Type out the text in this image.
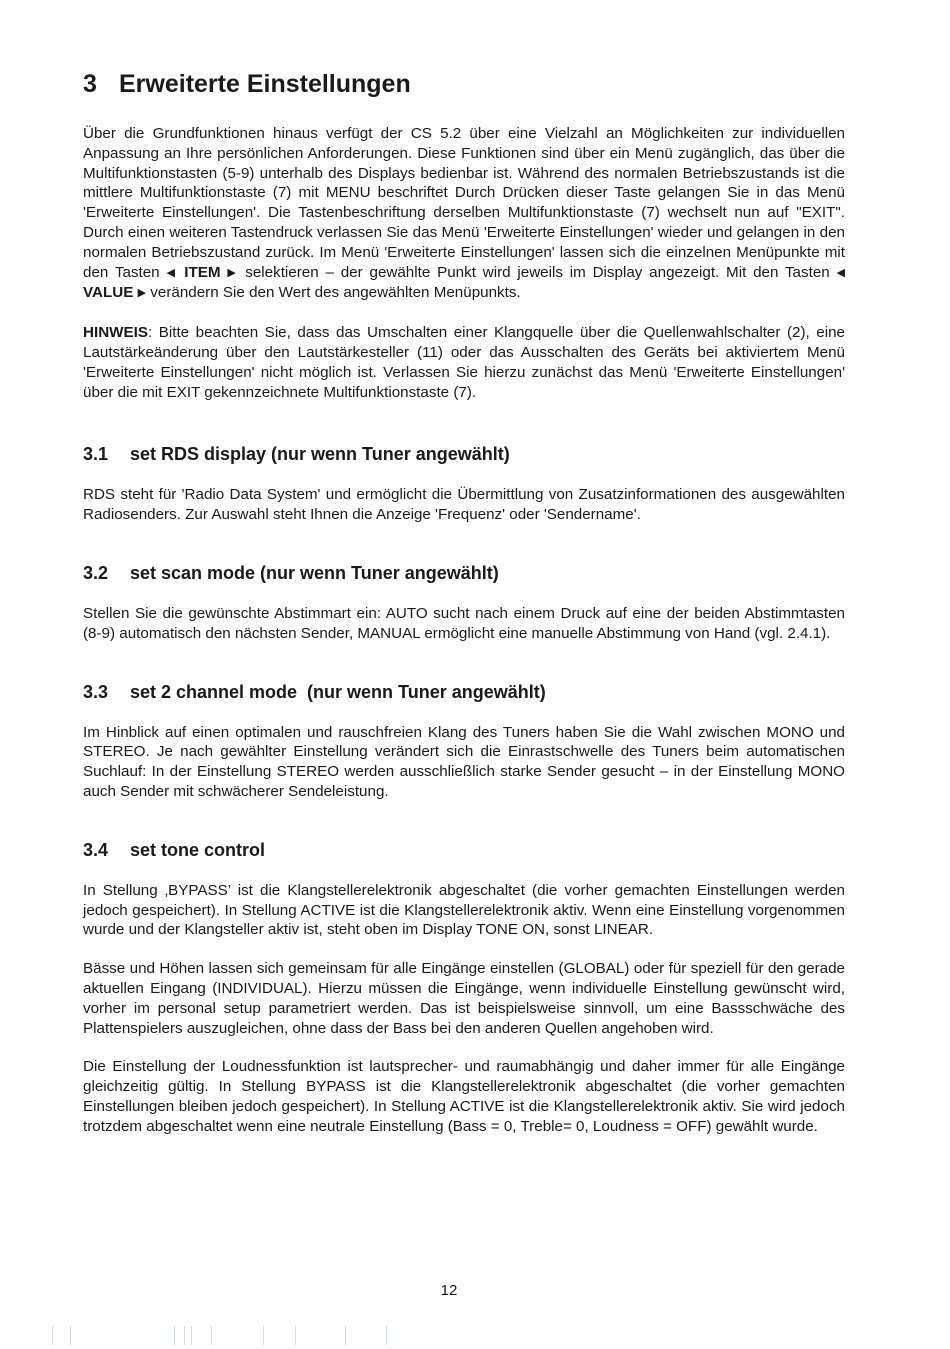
3 Erweiterte Einstellungen

Über die Grundfunktionen hinaus verfügt der CS 5.2 über eine Vielzahl an Möglichkeiten zur individuellen Anpassung an Ihre persönlichen Anforderungen. Diese Funktionen sind über ein Menü zugänglich, das über die Multifunktionstasten (5-9) unterhalb des Displays bedienbar ist. Während des normalen Betriebszustands ist die mittlere Multifunktionstaste (7) mit MENU beschriftet Durch Drücken dieser Taste gelangen Sie in das Menü 'Erweiterte Einstellungen'. Die Tastenbeschriftung derselben Multifunktionstaste (7) wechselt nun auf "EXIT". Durch einen weiteren Tastendruck verlassen Sie das Menü 'Erweiterte Einstellungen' wieder und gelangen in den normalen Betriebszustand zurück. Im Menü 'Erweiterte Einstellungen' lassen sich die einzelnen Menüpunkte mit den Tasten ◀ ITEM ▶ selektieren – der gewählte Punkt wird jeweils im Display angezeigt. Mit den Tasten ◀ VALUE ▶ verändern Sie den Wert des angewählten Menüpunkts.

HINWEIS: Bitte beachten Sie, dass das Umschalten einer Klangquelle über die Quellenwahlschalter (2), eine Lautstärkeänderung über den Lautstärkesteller (11) oder das Ausschalten des Geräts bei aktiviertem Menü 'Erweiterte Einstellungen' nicht möglich ist. Verlassen Sie hierzu zunächst das Menü 'Erweiterte Einstellungen' über die mit EXIT gekennzeichnete Multifunktionstaste (7).

3.1 set RDS display (nur wenn Tuner angewählt)

RDS steht für 'Radio Data System' und ermöglicht die Übermittlung von Zusatzinformationen des ausgewählten Radiosenders. Zur Auswahl steht Ihnen die Anzeige 'Frequenz' oder 'Sendername'.

3.2 set scan mode (nur wenn Tuner angewählt)

Stellen Sie die gewünschte Abstimmart ein: AUTO sucht nach einem Druck auf eine der beiden Abstimmtasten (8-9) automatisch den nächsten Sender, MANUAL ermöglicht eine manuelle Abstimmung von Hand (vgl. 2.4.1).

3.3 set 2 channel mode  (nur wenn Tuner angewählt)

Im Hinblick auf einen optimalen und rauschfreien Klang des Tuners haben Sie die Wahl zwischen MONO und STEREO. Je nach gewählter Einstellung verändert sich die Einrastschwelle des Tuners beim automatischen Suchlauf: In der Einstellung STEREO werden ausschließlich starke Sender gesucht – in der Einstellung MONO auch Sender mit schwächerer Sendeleistung.

3.4 set tone control

In Stellung ‚BYPASS’ ist die Klangstellerelektronik abgeschaltet (die vorher gemachten Einstellungen werden jedoch gespeichert). In Stellung ACTIVE ist die Klangstellerelektronik aktiv. Wenn eine Einstellung vorgenommen wurde und der Klangsteller aktiv ist, steht oben im Display TONE ON, sonst LINEAR.

Bässe und Höhen lassen sich gemeinsam für alle Eingänge einstellen (GLOBAL) oder für speziell für den gerade aktuellen Eingang (INDIVIDUAL). Hierzu müssen die Eingänge, wenn individuelle Einstellung gewünscht wird, vorher im personal setup parametriert werden. Das ist beispielsweise sinnvoll, um eine Bassschwäche des Plattenspielers auszugleichen, ohne dass der Bass bei den anderen Quellen angehoben wird.

Die Einstellung der Loudnessfunktion ist lautsprecher- und raumabhängig und daher immer für alle Eingänge gleichzeitig gültig. In Stellung BYPASS ist die Klangstellerelektronik abgeschaltet (die vorher gemachten Einstellungen bleiben jedoch gespeichert). In Stellung ACTIVE ist die Klangstellerelektronik aktiv. Sie wird jedoch trotzdem abgeschaltet wenn eine neutrale Einstellung (Bass = 0, Treble= 0, Loudness = OFF) gewählt wurde.

12
